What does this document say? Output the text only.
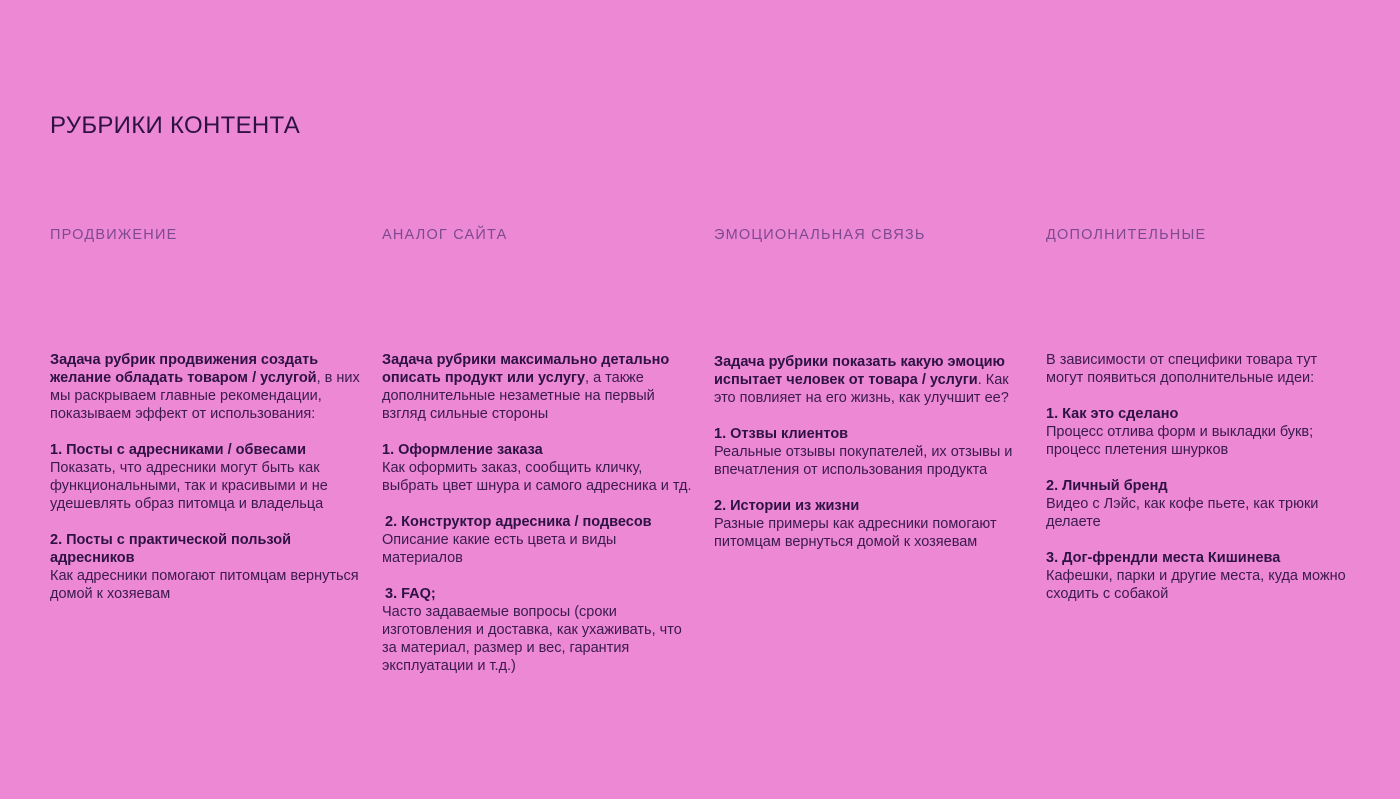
РУБРИКИ КОНТЕНТА
ПРОДВИЖЕНИЕ

Задача рубрик продвижения создать желание обладать товаром / услугой, в них мы раскрываем главные рекомендации, показываем эффект от использования:

1. Посты с адресниками / обвесами
Показать, что адресники могут быть как функциональными, так и красивыми и не удешевлять образ питомца и владельца
2. Посты с практической пользой адресников
Как адресники помогают питомцам вернуться домой к хозяевам
АНАЛОГ САЙТА

Задача рубрики максимально детально описать продукт или услугу, а также дополнительные незаметные на первый взгляд сильные стороны

1. Оформление заказа
Как оформить заказ, сообщить кличку, выбрать цвет шнура и самого адресника и тд.
2. Конструктор адресника / подвесов
Описание какие есть цвета и виды материалов
3. FAQ;
Часто задаваемые вопросы (сроки изготовления и доставка, как ухаживать, что за материал, размер и вес, гарантия эксплуатации и т.д.)
ЭМОЦИОНАЛЬНАЯ СВЯЗЬ

Задача рубрики показать какую эмоцию испытает человек от товара / услуги. Как это повлияет на его жизнь, как улучшит ее?

1. Отзвы клиентов
Реальные отзывы покупателей, их отзывы и впечатления от использования продукта
2. Истории из жизни
Разные примеры как адресники помогают питомцам вернуться домой к хозяевам
ДОПОЛНИТЕЛЬНЫЕ

В зависимости от специфики товара тут могут появиться дополнительные идеи:

1. Как это сделано
Процесс отлива форм и выкладки букв; процесс плетения шнурков
2. Личный бренд
Видео с Лэйс, как кофе пьете, как трюки делаете
3. Дог-френдли места Кишинева
Кафешки, парки и другие места, куда можно сходить с собакой
